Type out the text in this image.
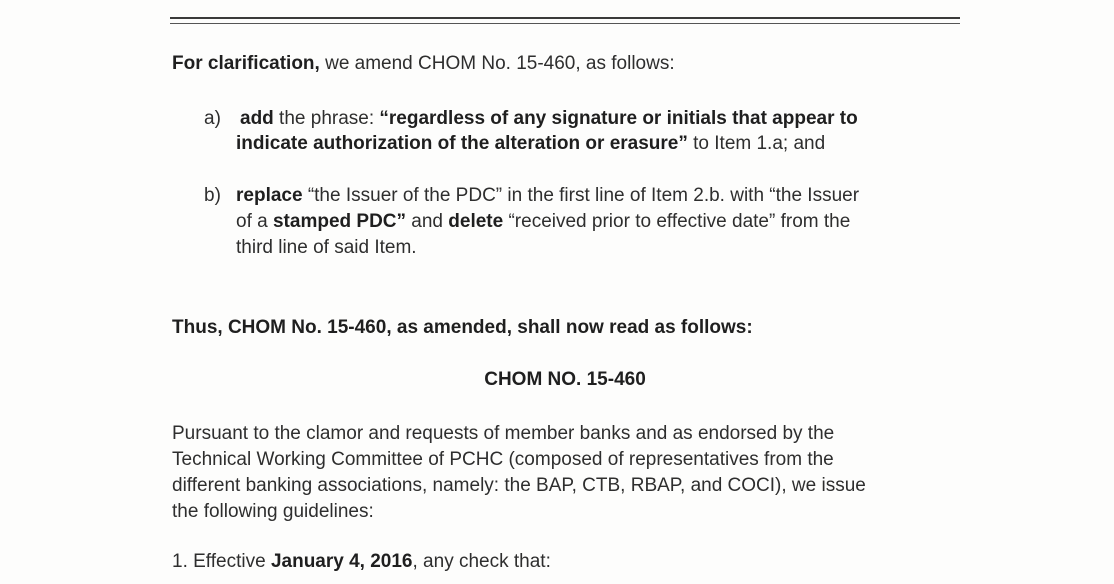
For clarification, we amend CHOM No. 15-460, as follows:
a) add the phrase: “regardless of any signature or initials that appear to
indicate authorization of the alteration or erasure” to Item 1.a; and
b) replace “the Issuer of the PDC” in the first line of Item 2.b. with “the Issuer
of a stamped PDC” and delete “received prior to effective date” from the
third line of said Item.
Thus, CHOM No. 15-460, as amended, shall now read as follows:
CHOM NO. 15-460
Pursuant to the clamor and requests of member banks and as endorsed by the
Technical Working Committee of PCHC (composed of representatives from the
different banking associations, namely: the BAP, CTB, RBAP, and COCI), we issue
the following guidelines:
1. Effective January 4, 2016, any check that:
